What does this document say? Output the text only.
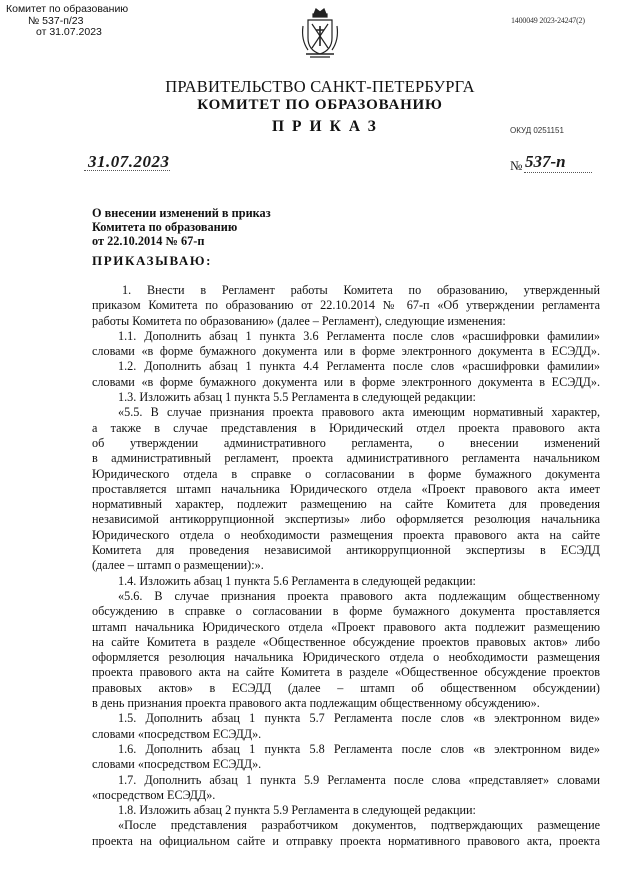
Комитет по образованию
№ 537-п/23
от 31.07.2023
1400049 2023-24247(2)
ПРАВИТЕЛЬСТВО САНКТ-ПЕТЕРБУРГА
КОМИТЕТ ПО ОБРАЗОВАНИЮ
ПРИКАЗ	ОКУД 0251151
31.07.2023	№ 537-п
О внесении изменений в приказ
Комитета по образованию
от 22.10.2014 № 67-п
ПРИКАЗЫВАЮ:
1. Внести в Регламент работы Комитета по образованию, утвержденный
приказом Комитета по образованию от 22.10.2014 № 67-п «Об утверждении регламента
работы Комитета по образованию» (далее – Регламент), следующие изменения:
1.1. Дополнить абзац 1 пункта 3.6 Регламента после слов «расшифровки фамилии»
словами «в форме бумажного документа или в форме электронного документа в ЕСЭДД».
1.2. Дополнить абзац 1 пункта 4.4 Регламента после слов «расшифровки фамилии»
словами «в форме бумажного документа или в форме электронного документа в ЕСЭДД».
1.3. Изложить абзац 1 пункта 5.5 Регламента в следующей редакции:
«5.5. В случае признания проекта правового акта имеющим нормативный характер,
а также в случае представления в Юридический отдел проекта правового акта
об утверждении административного регламента, о внесении изменений
в административный регламент, проекта административного регламента начальником
Юридического отдела в справке о согласовании в форме бумажного документа
проставляется штамп начальника Юридического отдела «Проект правового акта имеет
нормативный характер, подлежит размещению на сайте Комитета для проведения
независимой антикоррупционной экспертизы» либо оформляется резолюция начальника
Юридического отдела о необходимости размещения проекта правового акта на сайте
Комитета для проведения независимой антикоррупционной экспертизы в ЕСЭДД
(далее – штамп о размещении):».
1.4. Изложить абзац 1 пункта 5.6 Регламента в следующей редакции:
«5.6. В случае признания проекта правового акта подлежащим общественному
обсуждению в справке о согласовании в форме бумажного документа проставляется
штамп начальника Юридического отдела «Проект правового акта подлежит размещению
на сайте Комитета в разделе «Общественное обсуждение проектов правовых актов» либо
оформляется резолюция начальника Юридического отдела о необходимости размещения
проекта правового акта на сайте Комитета в разделе «Общественное обсуждение проектов
правовых актов» в ЕСЭДД (далее – штамп об общественном обсуждении)
в день признания проекта правового акта подлежащим общественному обсуждению».
1.5. Дополнить абзац 1 пункта 5.7 Регламента после слов «в электронном виде»
словами «посредством ЕСЭДД».
1.6. Дополнить абзац 1 пункта 5.8 Регламента после слов «в электронном виде»
словами «посредством ЕСЭДД».
1.7. Дополнить абзац 1 пункта 5.9 Регламента после слова «представляет» словами
«посредством ЕСЭДД».
1.8. Изложить абзац 2 пункта 5.9 Регламента в следующей редакции:
«После представления разработчиком документов, подтверждающих размещение
проекта на официальном сайте и отправку проекта нормативного правового акта, проекта
